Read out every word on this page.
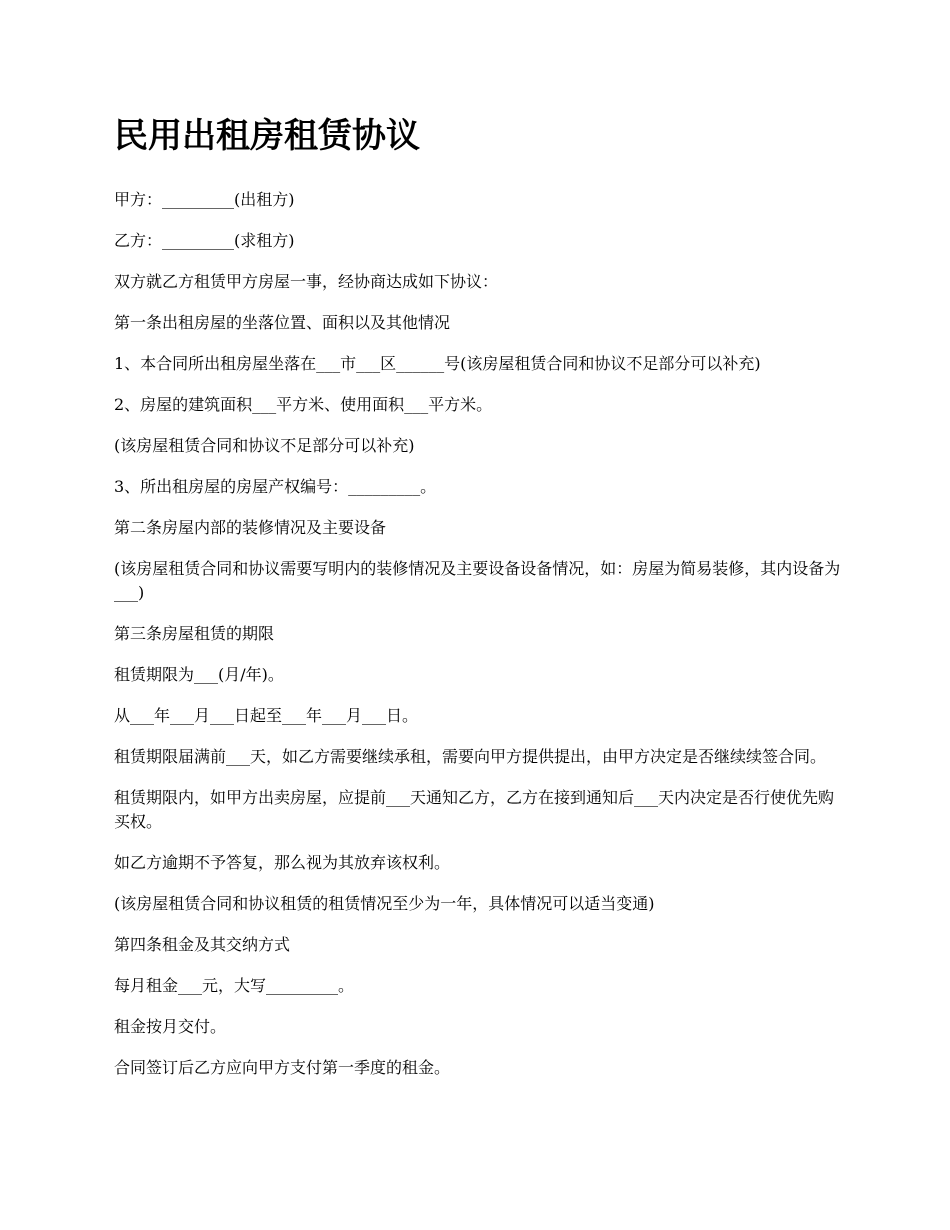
民用出租房租赁协议

甲方：_________(出租方)

乙方：_________(求租方)

双方就乙方租赁甲方房屋一事，经协商达成如下协议：

第一条出租房屋的坐落位置、面积以及其他情况

1、本合同所出租房屋坐落在___市___区______号(该房屋租赁合同和协议不足部分可以补充)

2、房屋的建筑面积___平方米、使用面积___平方米。

(该房屋租赁合同和协议不足部分可以补充)

3、所出租房屋的房屋产权编号：_________。

第二条房屋内部的装修情况及主要设备

(该房屋租赁合同和协议需要写明内的装修情况及主要设备设备情况，如：房屋为简易装修，其内设备为___)

第三条房屋租赁的期限

租赁期限为___(月/年)。

从___年___月___日起至___年___月___日。

租赁期限届满前___天，如乙方需要继续承租，需要向甲方提供提出，由甲方决定是否继续续签合同。

租赁期限内，如甲方出卖房屋，应提前___天通知乙方，乙方在接到通知后___天内决定是否行使优先购买权。

如乙方逾期不予答复，那么视为其放弃该权利。

(该房屋租赁合同和协议租赁的租赁情况至少为一年，具体情况可以适当变通)

第四条租金及其交纳方式

每月租金___元，大写_________。

租金按月交付。

合同签订后乙方应向甲方支付第一季度的租金。
